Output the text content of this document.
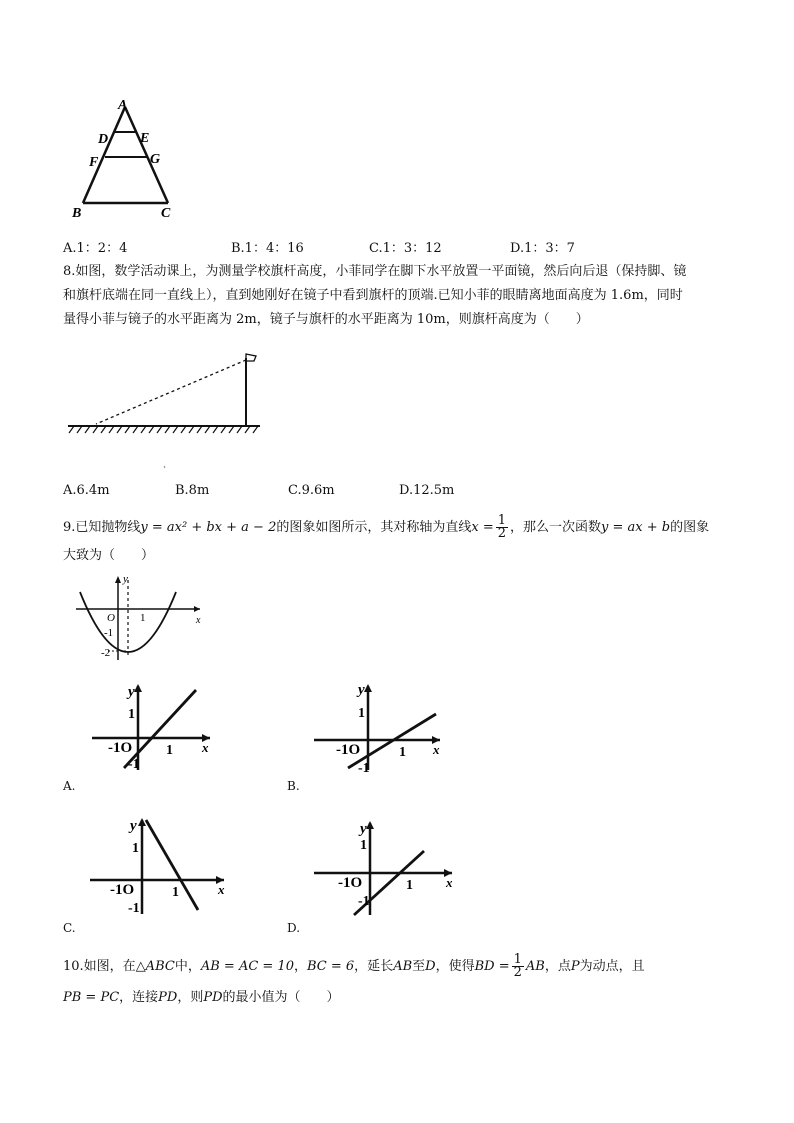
A
D E
F	G
B	C
A.1：2：4	B.1：4：16	C.1：3：12	D.1：3：7
8.如图，数学活动课上，为测量学校旗杆高度，小菲同学在脚下水平放置一平面镜，然后向后退（保持脚、镜
和旗杆底端在同一直线上），直到她刚好在镜子中看到旗杆的顶端.已知小菲的眼睛离地面高度为 1.6m，同时
量得小菲与镜子的水平距离为 2m，镜子与旗杆的水平距离为 10m，则旗杆高度为（　　）
A.6.4m	B.8m	C.9.6m	D.12.5m
9.已知抛物线y = ax² + bx + a − 2的图象如图所示，其对称轴为直线$x = \frac{1}{2}$ ，那么一次函数y = ax + b的图象
大致为（　　）
y
x
O 1
-1
-2
y
x
1
1
-1O
-1
A.
y
x
1
1
-1O
-1
B.
y
x
1
1
-1O
-1
C.
y
x
1
1
-1O
-1
D.
10.如图，在△ABC中，AB = AC = 10，BC = 6，延长AB至D，使得BD = $\frac{1}{2}$ AB，点P为动点，且
PB = PC，连接PD，则PD的最小值为（　　）
